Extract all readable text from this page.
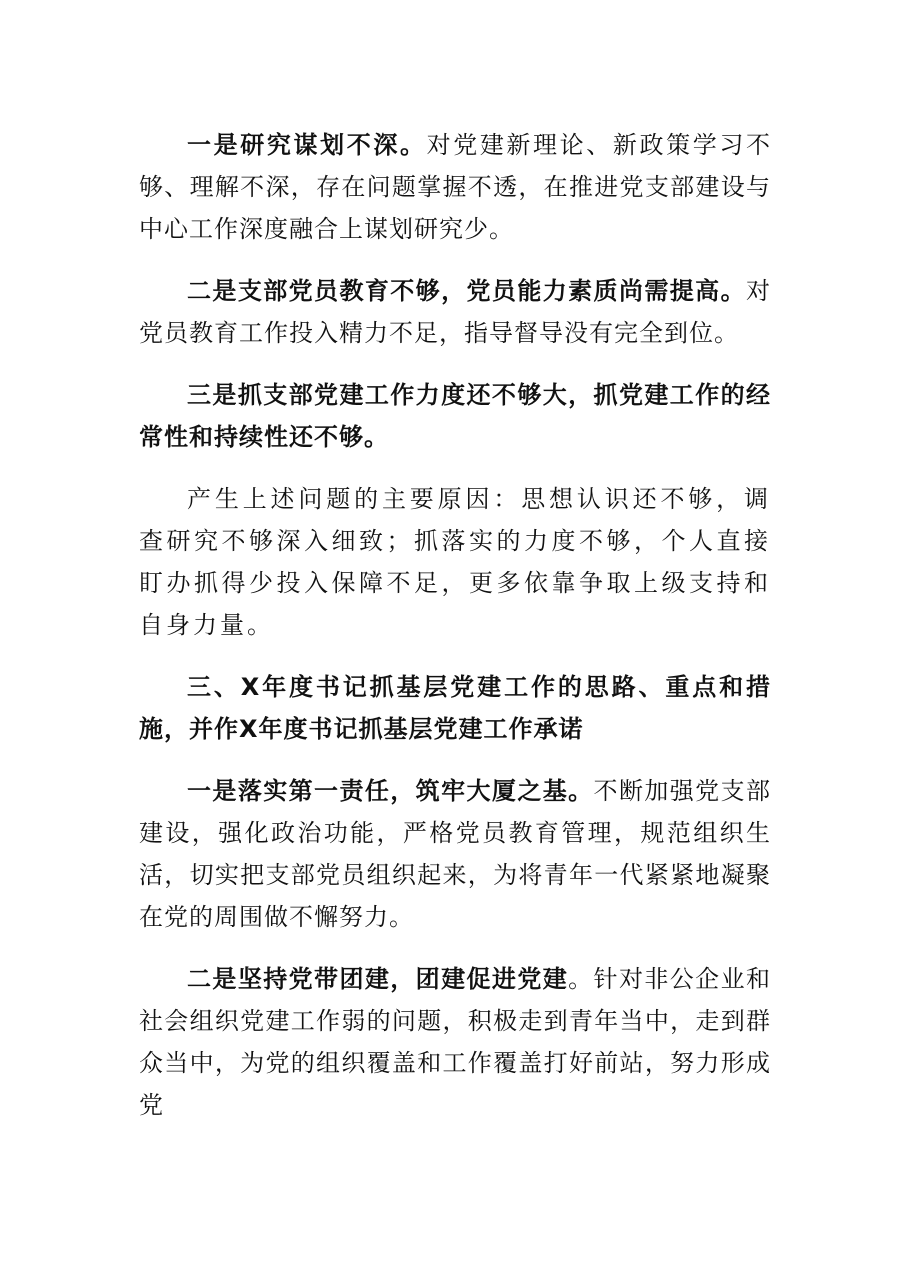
一是研究谋划不深。对党建新理论、新政策学习不够、理解不深，存在问题掌握不透，在推进党支部建设与中心工作深度融合上谋划研究少。

二是支部党员教育不够，党员能力素质尚需提高。对党员教育工作投入精力不足，指导督导没有完全到位。

三是抓支部党建工作力度还不够大，抓党建工作的经常性和持续性还不够。

产生上述问题的主要原因：思想认识还不够，调查研究不够深入细致；抓落实的力度不够，个人直接盯办抓得少投入保障不足，更多依靠争取上级支持和自身力量。

三、X年度书记抓基层党建工作的思路、重点和措施，并作X年度书记抓基层党建工作承诺

一是落实第一责任，筑牢大厦之基。不断加强党支部建设，强化政治功能，严格党员教育管理，规范组织生活，切实把支部党员组织起来，为将青年一代紧紧地凝聚在党的周围做不懈努力。

二是坚持党带团建，团建促进党建。针对非公企业和社会组织党建工作弱的问题，积极走到青年当中，走到群众当中，为党的组织覆盖和工作覆盖打好前站，努力形成党
